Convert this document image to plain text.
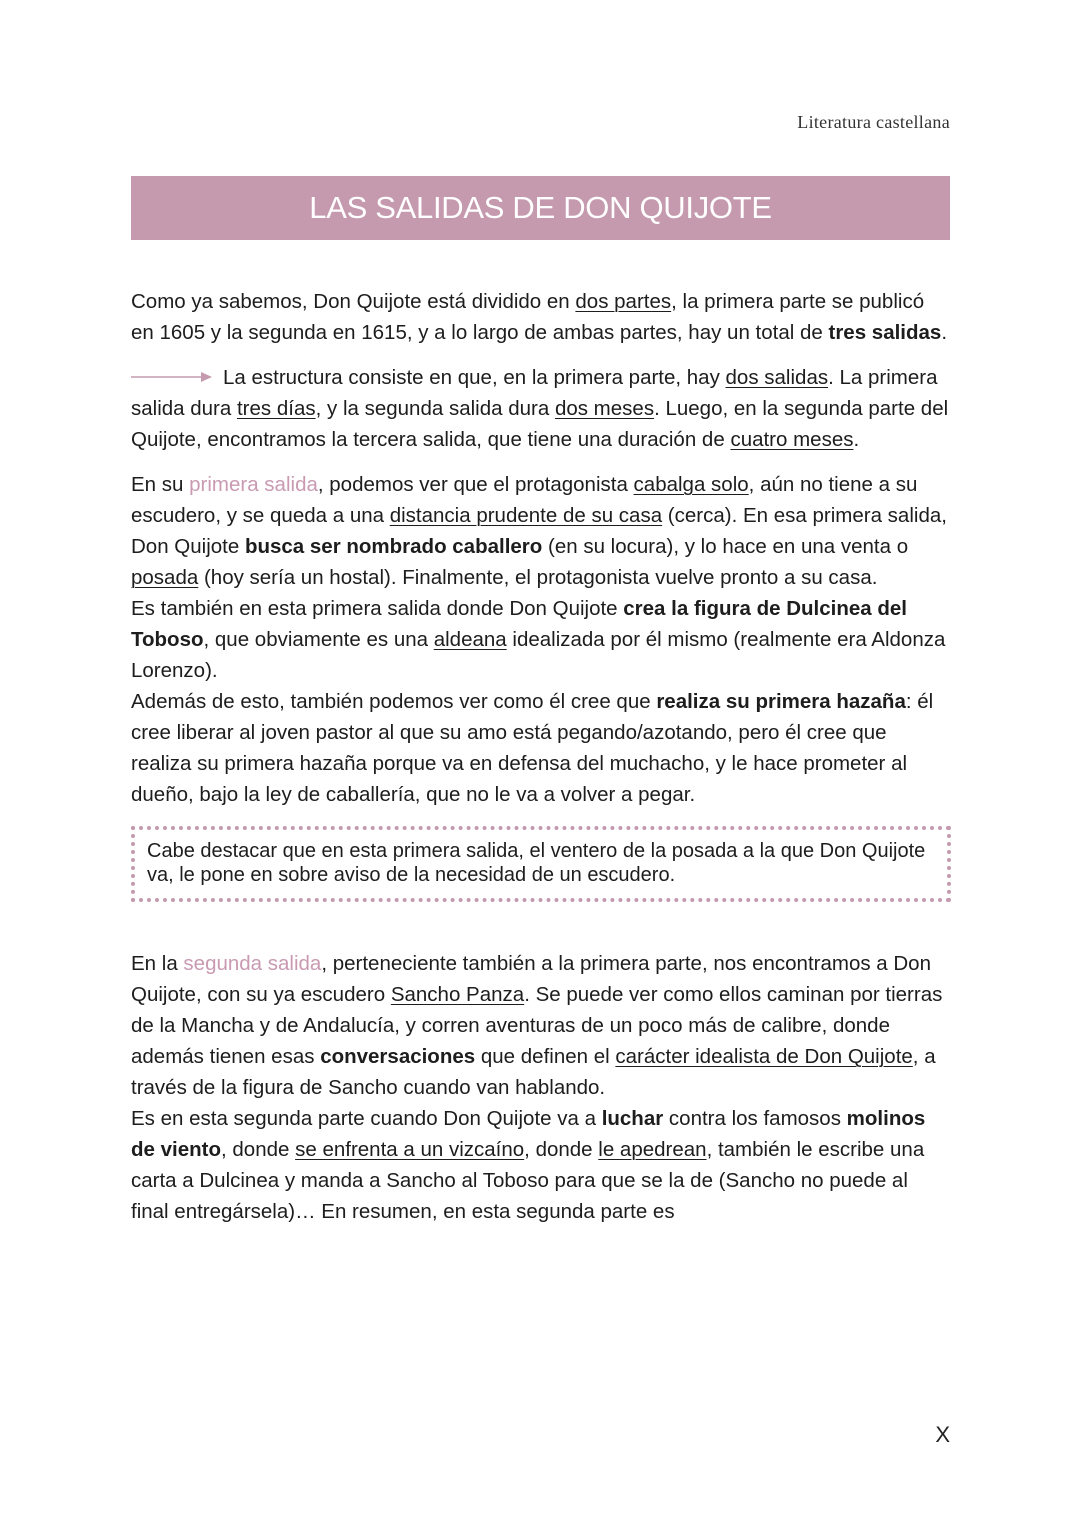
Literatura castellana
LAS SALIDAS DE DON QUIJOTE

Como ya sabemos, Don Quijote está dividido en dos partes, la primera parte se publicó en 1605 y la segunda en 1615, y a lo largo de ambas partes, hay un total de tres salidas.

La estructura consiste en que, en la primera parte, hay dos salidas. La primera salida dura tres días, y la segunda salida dura dos meses. Luego, en la segunda parte del Quijote, encontramos la tercera salida, que tiene una duración de cuatro meses.

En su primera salida, podemos ver que el protagonista cabalga solo, aún no tiene a su escudero, y se queda a una distancia prudente de su casa (cerca). En esa primera salida, Don Quijote busca ser nombrado caballero (en su locura), y lo hace en una venta o posada (hoy sería un hostal). Finalmente, el protagonista vuelve pronto a su casa.

Es también en esta primera salida donde Don Quijote crea la figura de Dulcinea del Toboso, que obviamente es una aldeana idealizada por él mismo (realmente era Aldonza Lorenzo).

Además de esto, también podemos ver como él cree que realiza su primera hazaña: él cree liberar al joven pastor al que su amo está pegando/azotando, pero él cree que realiza su primera hazaña porque va en defensa del muchacho, y le hace prometer al dueño, bajo la ley de caballería, que no le va a volver a pegar.

Cabe destacar que en esta primera salida, el ventero de la posada a la que Don Quijote va, le pone en sobre aviso de la necesidad de un escudero.

En la segunda salida, perteneciente también a la primera parte, nos encontramos a Don Quijote, con su ya escudero Sancho Panza. Se puede ver como ellos caminan por tierras de la Mancha y de Andalucía, y corren aventuras de un poco más de calibre, donde además tienen esas conversaciones que definen el carácter idealista de Don Quijote, a través de la figura de Sancho cuando van hablando.

Es en esta segunda parte cuando Don Quijote va a luchar contra los famosos molinos de viento, donde se enfrenta a un vizcaíno, donde le apedrean, también le escribe una carta a Dulcinea y manda a Sancho al Toboso para que se la de (Sancho no puede al final entregársela)… En resumen, en esta segunda parte es

X
